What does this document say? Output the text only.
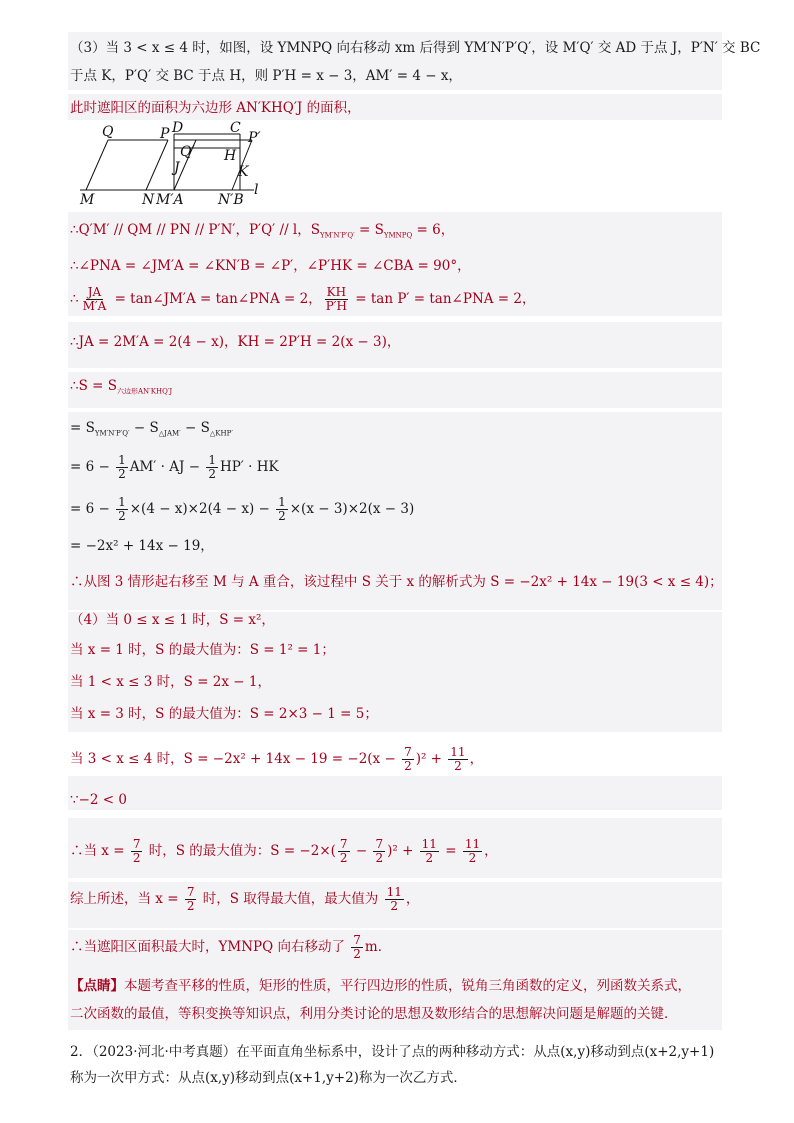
（3）当 3 < x ≤ 4 时，如图，设 YMNPQ 向右移动 xm 后得到 YM′N′P′Q′，设 M′Q′ 交 AD 于点 J，P′N′ 交 BC
于点 K，P′Q′ 交 BC 于点 H，则 P′H = x − 3，AM′ = 4 − x，
此时遮阳区的面积为六边形 AN′KHQ′J 的面积，
Q	P D	C
P′
Q′ H
J	K
M	N M′A N′B
l
∴Q′M′ // QM // PN // P′N′，P′Q′ // l，$S_{YM'N'P'Q'} = S_{YMNPQ} = 6$，
∴∠PNA = ∠JM′A = ∠KN′B = ∠P′，∠P′HK = ∠CBA = 90°，
∴ $\frac{JA}{M'A}$ = tan∠JM′A = tan∠PNA = 2， $\frac{KH}{P'H} = \tan P'$ = tan∠PNA = 2，
∴JA = 2M′A = 2(4 − x)，KH = 2P′H = 2(x − 3)，
∴S = $S_{六边形AN'KHQ'J}$
= $S_{YM'N'P'Q'} - S_{\triangle JAM'} - S_{\triangle KHP'}$
= $6 - \frac{1}{2} AM'$ · AJ − $\frac{1}{2} HP'$ · HK
= $6 - \frac{1}{2} \times(4 - x)\times 2(4 - x) - \frac{1}{2} \times(x - 3)\times 2(x - 3)$
= −2x² + 14x − 19，
∴从图 3 情形起右移至 M 与 A 重合，该过程中 S 关于 x 的解析式为 S = −2x² + 14x − 19(3 < x ≤ 4)；
（4）当 0 ≤ x ≤ 1 时，S = x²，
当 x = 1 时，S 的最大值为：S = 1² = 1；
当 1 < x ≤ 3 时，S = 2x − 1，
当 x = 3 时，S 的最大值为：S = 2×3 − 1 = 5；
当 3 < x ≤ 4 时，$S = -2x^2 + 14x - 19 = -2(x - \frac{7}{2} )^2 + \frac{11}{2}$ ，
∵−2 < 0
∴当 $x = \frac{7}{2}$ 时，S 的最大值为：$S = -2\times( \frac{7}{2} - \frac{7}{2} )^2 + \frac{11}{2} = \frac{11}{2}$ ，
综上所述，当 $x = \frac{7}{2}$ 时，S 取得最大值，最大值为 $\frac{11}{2}$ ，
∴当遮阳区面积最大时，YMNPQ 向右移动了 $\frac{7}{2}$ m．
【点睛】本题考查平移的性质，矩形的性质，平行四边形的性质，锐角三角函数的定义，列函数关系式，
二次函数的最值，等积变换等知识点，利用分类讨论的思想及数形结合的思想解决问题是解题的关键．
2．（2023·河北·中考真题）在平面直角坐标系中，设计了点的两种移动方式：从点(x,y)移动到点(x+2,y+1)
称为一次甲方式：从点(x,y)移动到点(x+1,y+2)称为一次乙方式．
